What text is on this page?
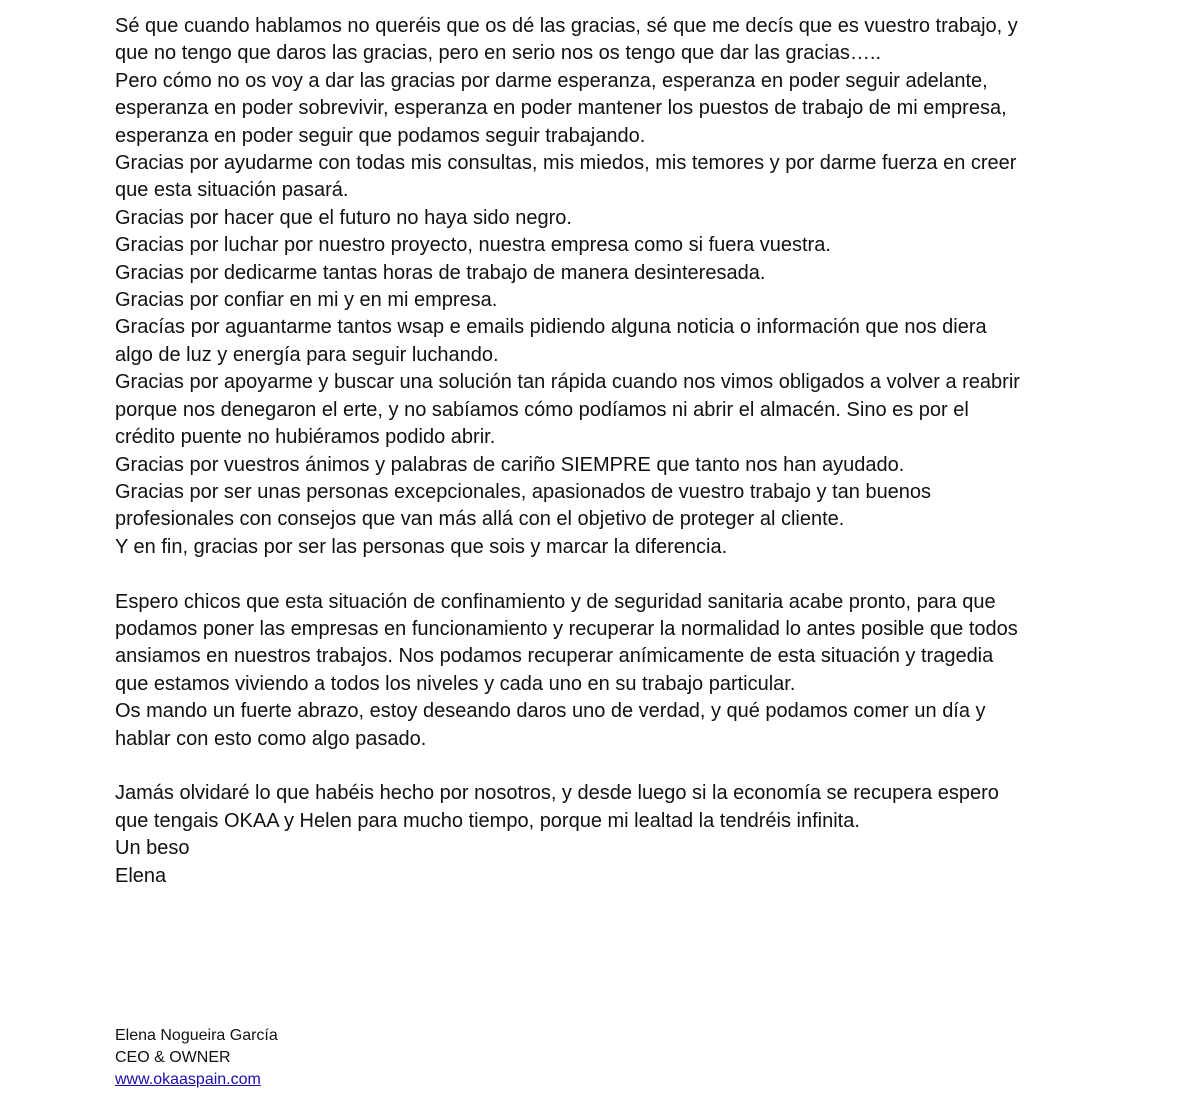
Sé que cuando hablamos no queréis que os dé las gracias, sé que me decís que es vuestro trabajo, y
que no tengo que daros las gracias, pero en serio nos os tengo que dar las gracias…..
Pero cómo no os voy a dar las gracias por darme esperanza, esperanza en poder seguir adelante,
esperanza en poder sobrevivir, esperanza en poder mantener los puestos de trabajo de mi empresa,
esperanza en poder seguir que podamos seguir trabajando.
Gracias por ayudarme con todas mis consultas, mis miedos, mis temores y por darme fuerza en creer
que esta situación pasará.
Gracias por hacer que el futuro no haya sido negro.
Gracias por luchar por nuestro proyecto, nuestra empresa como si fuera vuestra.
Gracias por dedicarme tantas horas de trabajo de manera desinteresada.
Gracias por confiar en mi y en mi empresa.
Gracías por aguantarme tantos wsap e emails pidiendo alguna noticia o información que nos diera
algo de luz y energía para seguir luchando.
Gracias por apoyarme y buscar una solución tan rápida cuando nos vimos obligados a volver a reabrir
porque nos denegaron el erte, y no sabíamos cómo podíamos ni abrir el almacén. Sino es por el
crédito puente no hubiéramos podido abrir.
Gracias por vuestros ánimos y palabras de cariño SIEMPRE que tanto nos han ayudado.
Gracias por ser unas personas excepcionales, apasionados de vuestro trabajo y tan buenos
profesionales con consejos que van más allá con el objetivo de proteger al cliente.
Y en fin, gracias por ser las personas que sois y marcar la diferencia.
Espero chicos que esta situación de confinamiento y de seguridad sanitaria acabe pronto, para que
podamos poner las empresas en funcionamiento y recuperar la normalidad lo antes posible que todos
ansiamos en nuestros trabajos. Nos podamos recuperar anímicamente de esta situación y tragedia
que estamos viviendo a todos los niveles y cada uno en su trabajo particular.
Os mando un fuerte abrazo, estoy deseando daros uno de verdad, y qué podamos comer un día y
hablar con esto como algo pasado.
Jamás olvidaré lo que habéis hecho por nosotros, y desde luego si la economía se recupera espero
que tengais OKAA y Helen para mucho tiempo, porque mi lealtad la tendréis infinita.
Un beso
Elena
Elena Nogueira García
CEO & OWNER
www.okaaspain.com
